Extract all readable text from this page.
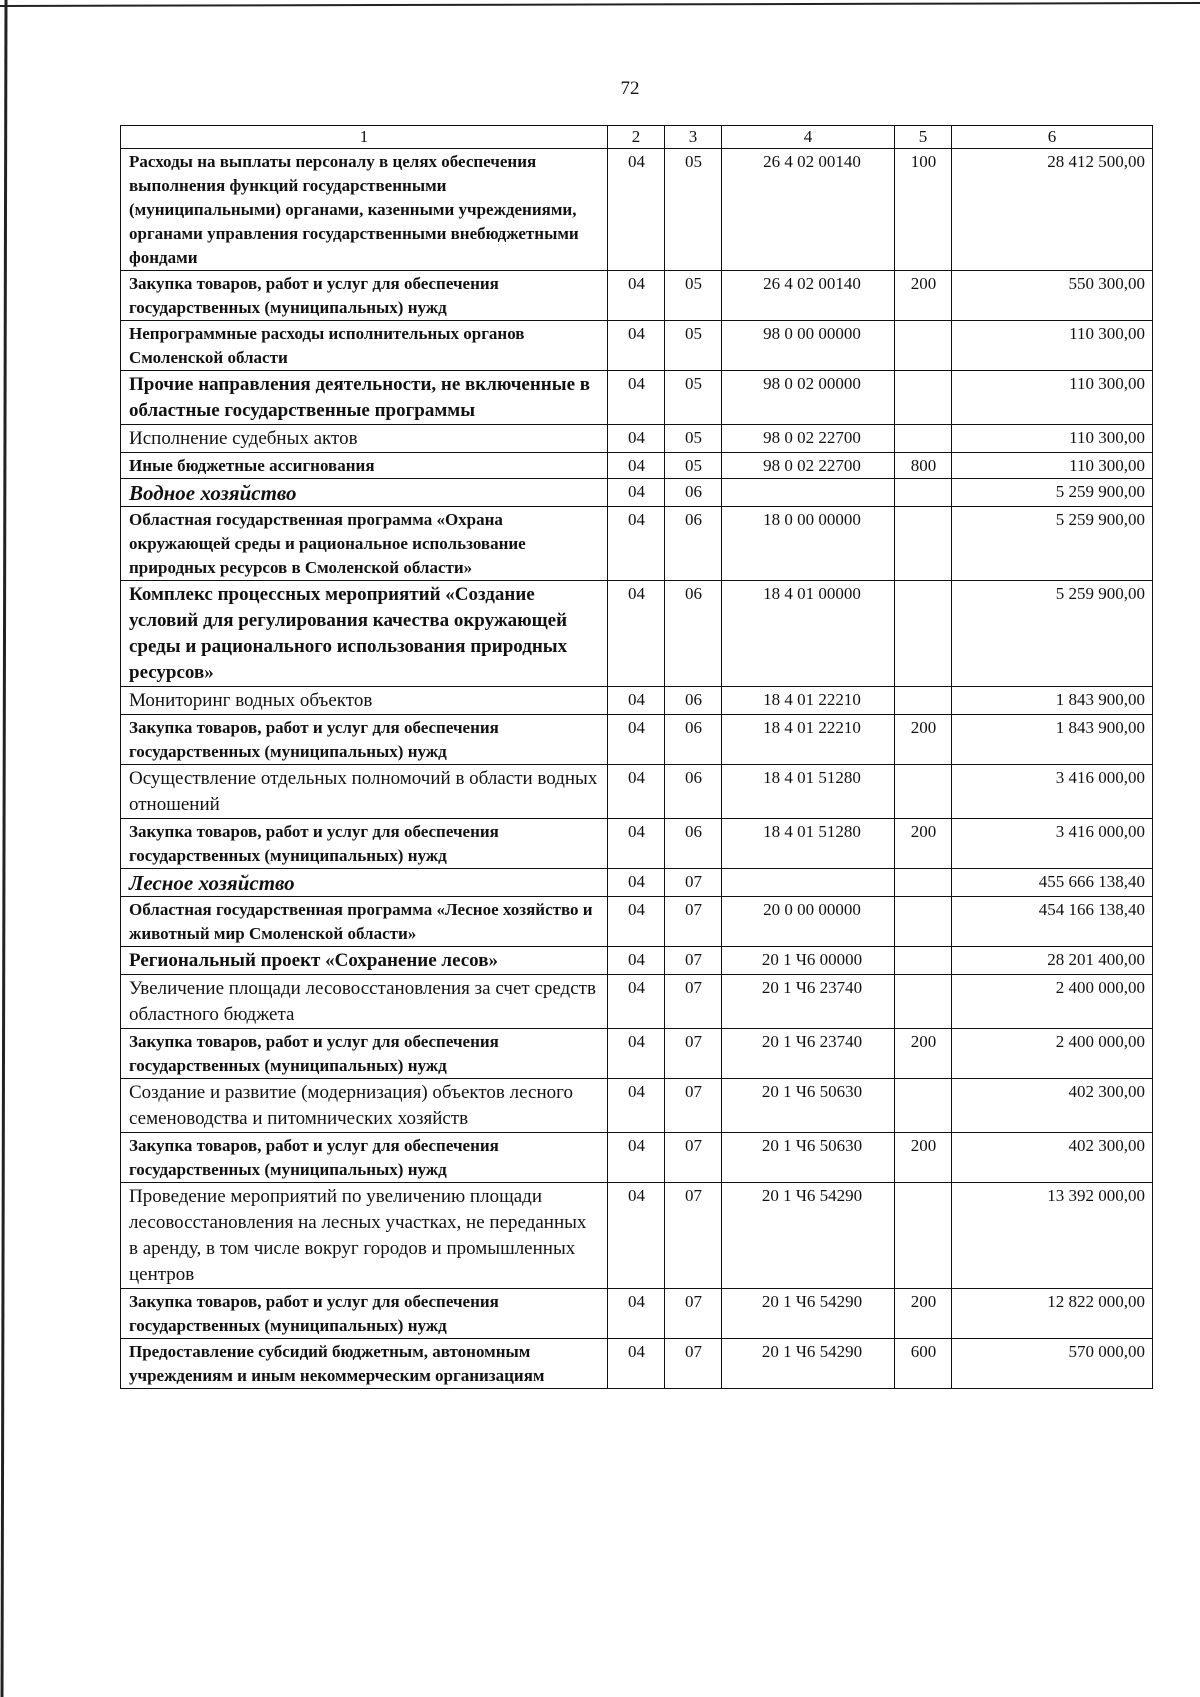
72
1	2	3	4	5	6
Расходы на выплаты персоналу в целях обеспечения выполнения функций государственными (муниципальными) органами, казенными учреждениями, органами управления государственными внебюджетными фондами	04	05	26 4 02 00140	100	28 412 500,00
Закупка товаров, работ и услуг для обеспечения государственных (муниципальных) нужд	04	05	26 4 02 00140	200	550 300,00
Непрограммные расходы исполнительных органов Смоленской области	04	05	98 0 00 00000		110 300,00
Прочие направления деятельности, не включенные в областные государственные программы	04	05	98 0 02 00000		110 300,00
Исполнение судебных актов	04	05	98 0 02 22700		110 300,00
Иные бюджетные ассигнования	04	05	98 0 02 22700	800	110 300,00
Водное хозяйство	04	06			5 259 900,00
Областная государственная программа «Охрана окружающей среды и рациональное использование природных ресурсов в Смоленской области»	04	06	18 0 00 00000		5 259 900,00
Комплекс процессных мероприятий «Создание условий для регулирования качества окружающей среды и рационального использования природных ресурсов»	04	06	18 4 01 00000		5 259 900,00
Мониторинг водных объектов	04	06	18 4 01 22210		1 843 900,00
Закупка товаров, работ и услуг для обеспечения государственных (муниципальных) нужд	04	06	18 4 01 22210	200	1 843 900,00
Осуществление отдельных полномочий в области водных отношений	04	06	18 4 01 51280		3 416 000,00
Закупка товаров, работ и услуг для обеспечения государственных (муниципальных) нужд	04	06	18 4 01 51280	200	3 416 000,00
Лесное хозяйство	04	07			455 666 138,40
Областная государственная программа «Лесное хозяйство и животный мир Смоленской области»	04	07	20 0 00 00000		454 166 138,40
Региональный проект «Сохранение лесов»	04	07	20 1 Ч6 00000		28 201 400,00
Увеличение площади лесовосстановления за счет средств областного бюджета	04	07	20 1 Ч6 23740		2 400 000,00
Закупка товаров, работ и услуг для обеспечения государственных (муниципальных) нужд	04	07	20 1 Ч6 23740	200	2 400 000,00
Создание и развитие (модернизация) объектов лесного семеноводства и питомнических хозяйств	04	07	20 1 Ч6 50630		402 300,00
Закупка товаров, работ и услуг для обеспечения государственных (муниципальных) нужд	04	07	20 1 Ч6 50630	200	402 300,00
Проведение мероприятий по увеличению площади лесовосстановления на лесных участках, не переданных в аренду, в том числе вокруг городов и промышленных центров	04	07	20 1 Ч6 54290		13 392 000,00
Закупка товаров, работ и услуг для обеспечения государственных (муниципальных) нужд	04	07	20 1 Ч6 54290	200	12 822 000,00
Предоставление субсидий бюджетным, автономным учреждениям и иным некоммерческим организациям	04	07	20 1 Ч6 54290	600	570 000,00
